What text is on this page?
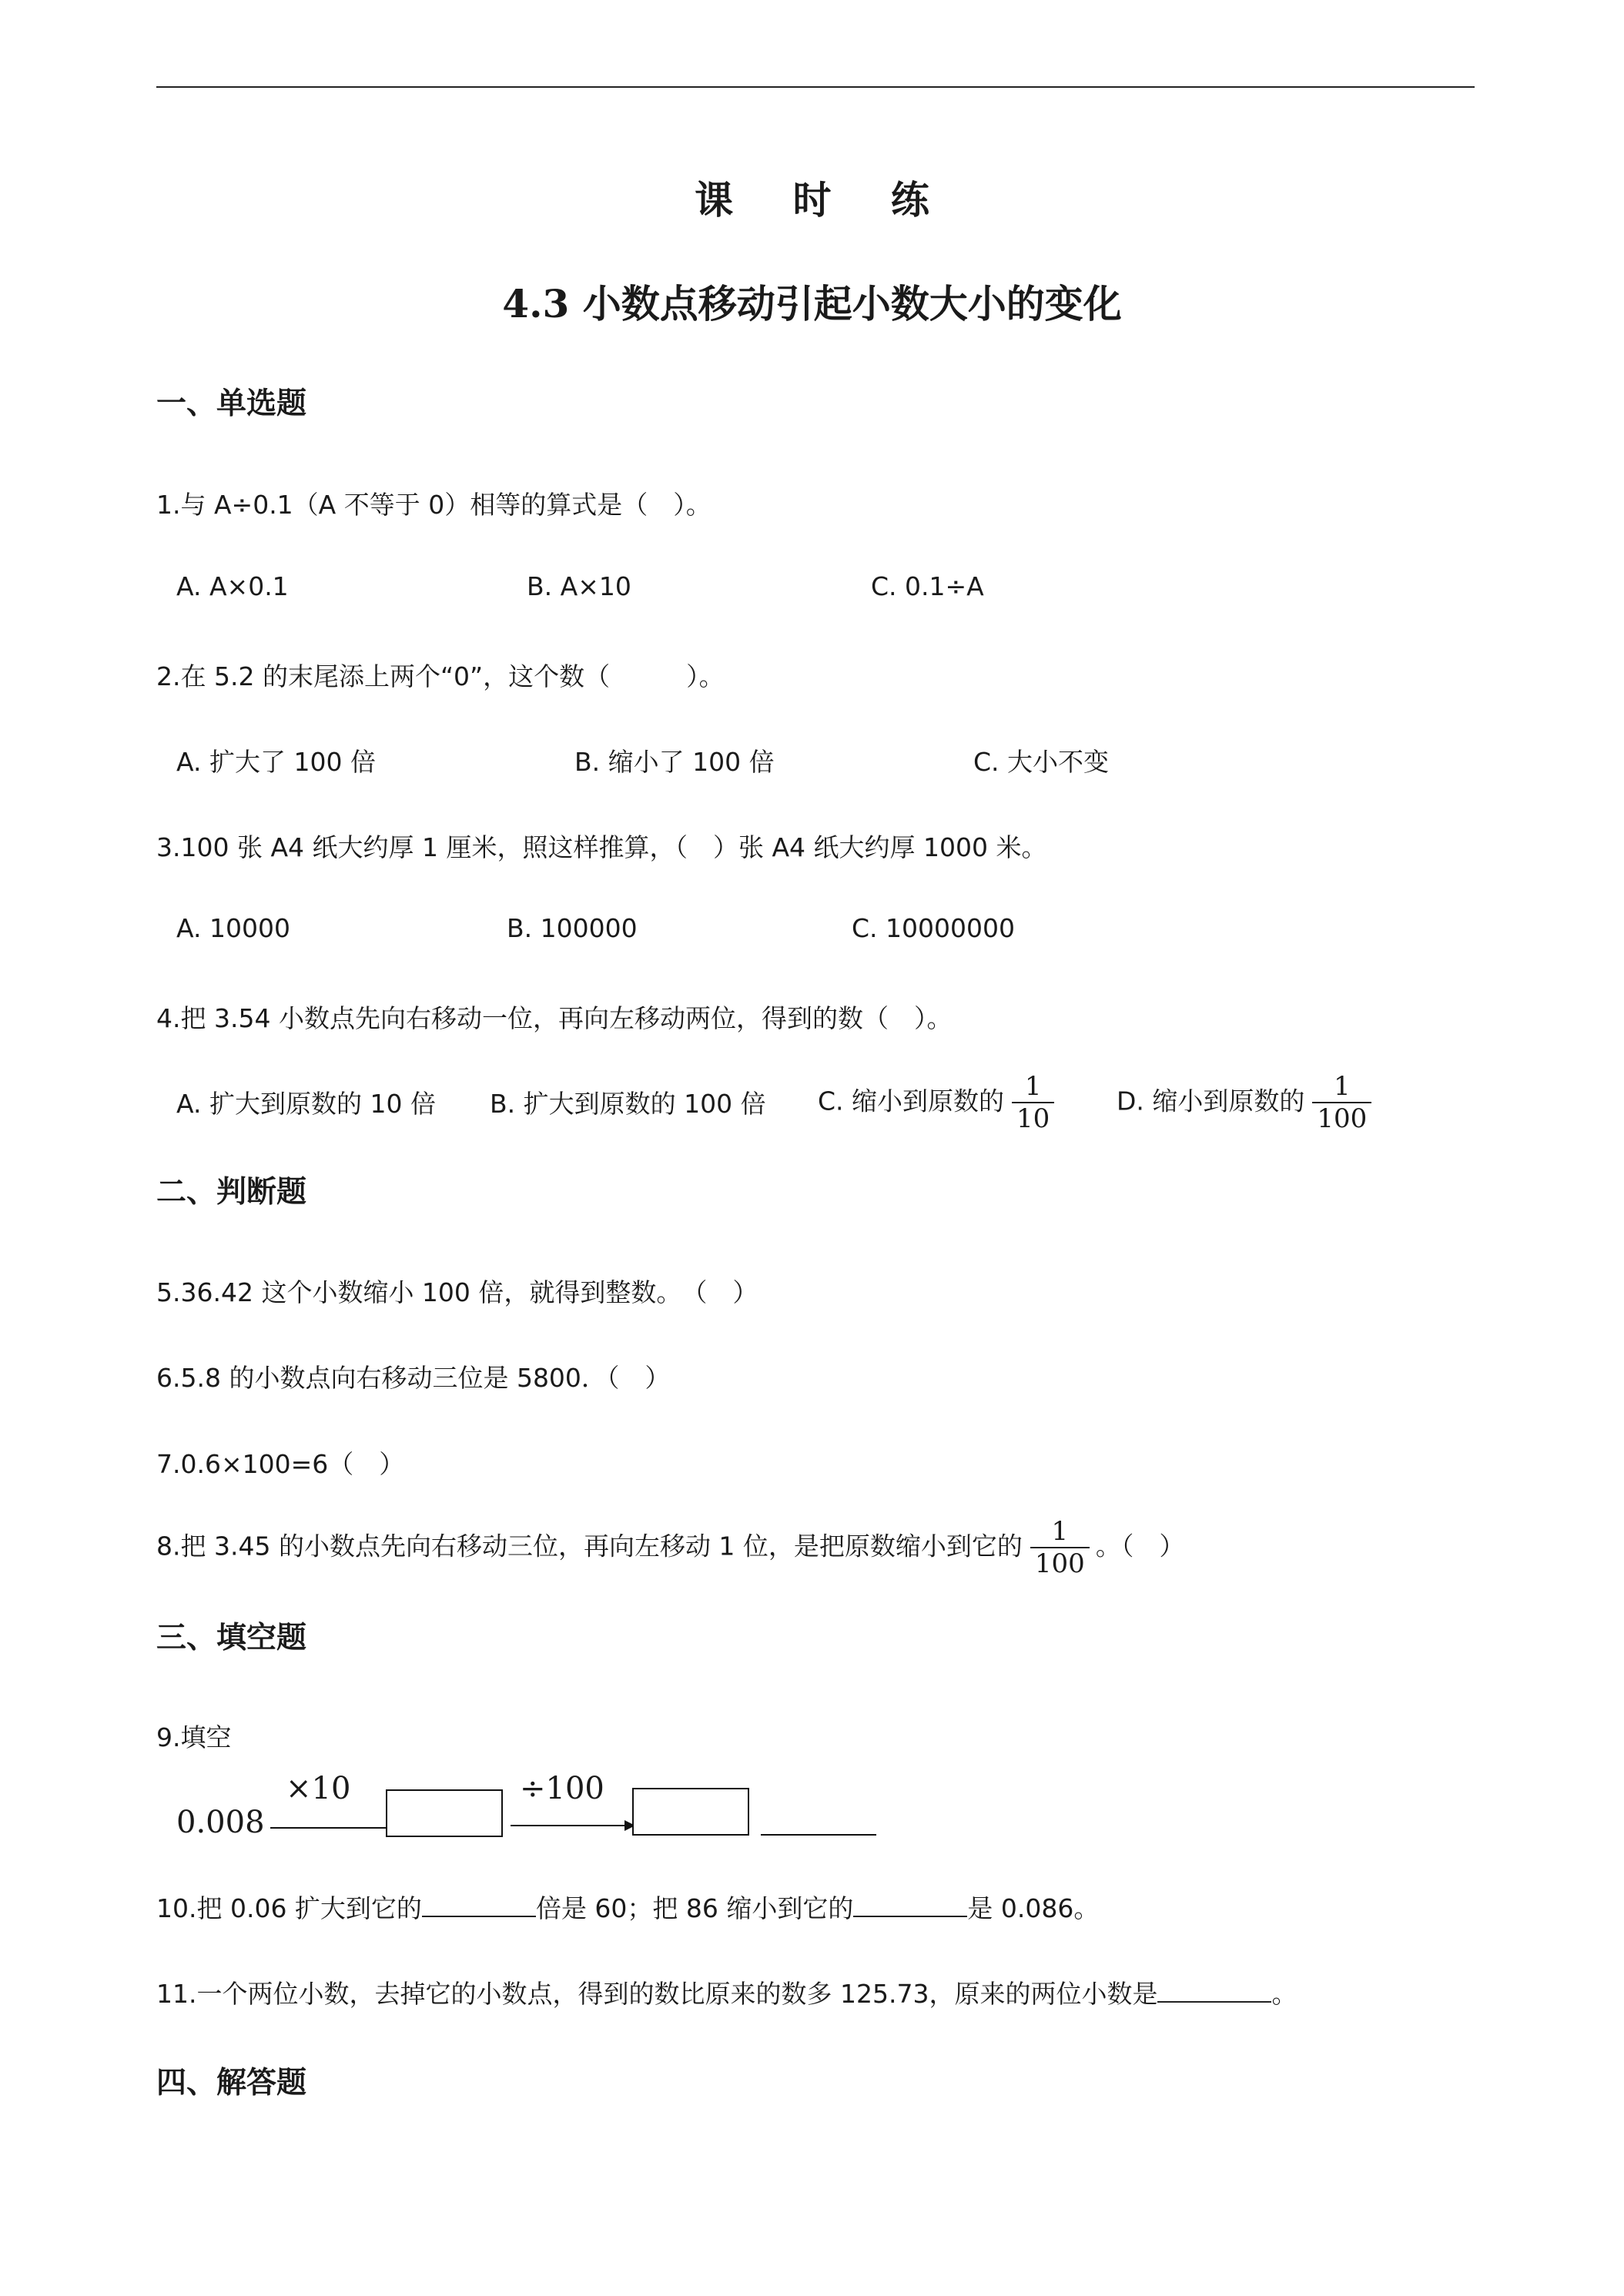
课 时 练
4.3 小数点移动引起小数大小的变化
一、单选题
1.与 A÷0.1（A 不等于 0）相等的算式是（　）。
A. A×0.1	B. A×10	C. 0.1÷A
2.在 5.2 的末尾添上两个“0”，这个数（　　　）。
A. 扩大了 100 倍	B. 缩小了 100 倍	C. 大小不变
3.100 张 A4 纸大约厚 1 厘米，照这样推算，（　）张 A4 纸大约厚 1000 米。
A. 10000	B. 100000	C. 10000000
4.把 3.54 小数点先向右移动一位，再向左移动两位，得到的数（　）。
A. 扩大到原数的 10 倍 B. 扩大到原数的 100 倍 C. 缩小到原数的 $\frac{1}{10} D$. 缩小到原数的 $\frac{1}{100}$
二、判断题
5.36.42 这个小数缩小 100 倍，就得到整数。　（　）
6.5.8 的小数点向右移动三位是 5800．（　）
7.0.6×100=6（　）
8.把 3.45 的小数点先向右移动三位，再向左移动 1 位，是把原数缩小到它的 $\frac{1}{100}$ 。（　）
三、填空题
9.填空
0.008
×10	÷100
10.把 0.06 扩大到它的	倍是 60；把 86 缩小到它的	是 0.086。
11.一个两位小数，去掉它的小数点，得到的数比原来的数多 125.73，原来的两位小数是	。
四、解答题
